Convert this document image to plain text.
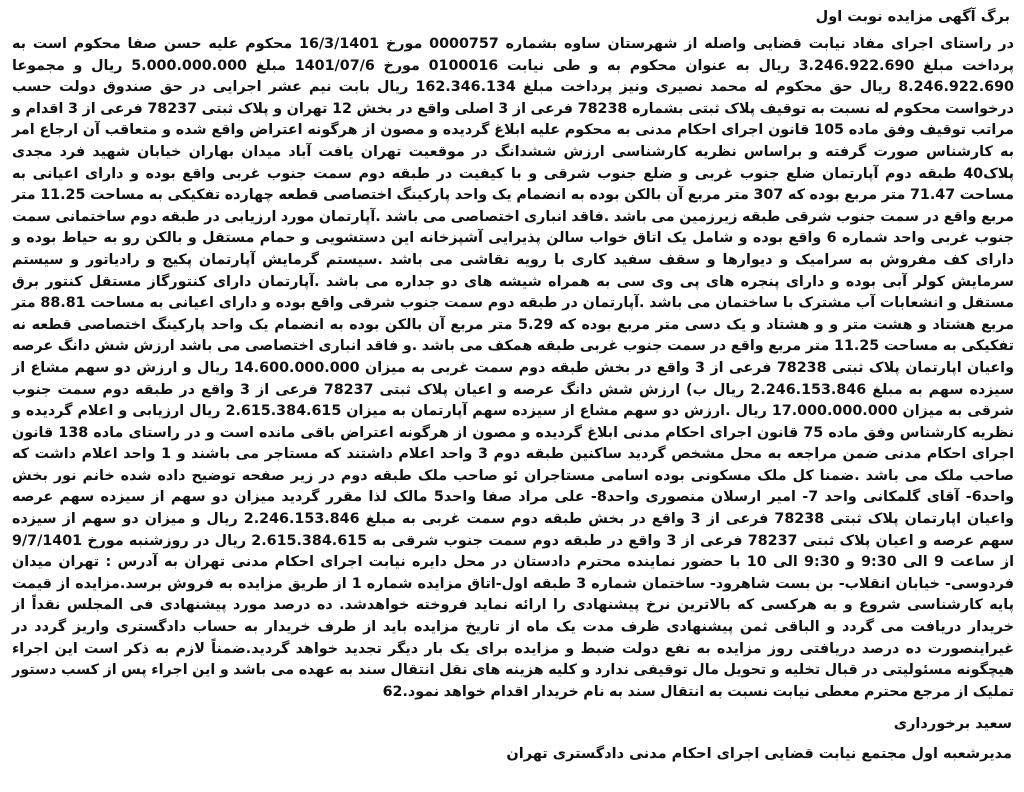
برگ آگهی مزایده نوبت اول

در راستای اجرای مفاد نیابت قضایی واصله از شهرستان ساوه بشماره 0000757 مورخ 16/3/1401 محکوم علیه حسن صفا محکوم است به پرداخت مبلغ 3.246.922.690 ریال به عنوان محکوم به و طی نیابت 0100016 مورخ 1401/07/6 مبلغ 5.000.000.000 ریال و مجموعا 8.246.922.690 ریال حق محکوم له محمد نصیری ونیز پرداخت مبلغ 162.346.134 ریال بابت نیم عشر اجرایی در حق صندوق دولت حسب درخواست محکوم له نسبت به توقیف پلاک ثبتی بشماره 78238 فرعی از 3 اصلی واقع در بخش 12 تهران و پلاک ثبتی 78237 فرعی از 3 اقدام و مراتب توقیف وفق ماده 105 قانون اجرای احکام مدنی به محکوم علیه ابلاغ گردیده و مصون از هرگونه اعتراض واقع شده و متعاقب آن ارجاع امر به کارشناس صورت گرفته و براساس نظریه کارشناسی ارزش ششدانگ در موقعیت تهران یافت آباد میدان بهاران خیابان شهید فرد مجدی پلاک40 طبقه دوم آپارتمان ضلع جنوب غربی و ضلع جنوب شرقی و با کیفیت در طبقه دوم سمت جنوب غربی واقع بوده و دارای اعیانی به مساحت 71.47 متر مربع بوده که 307 متر مربع آن بالکن بوده به انضمام یک واحد پارکینگ اختصاصی قطعه چهارده تفکیکی به مساحت 11.25 متر مربع واقع در سمت جنوب شرقی طبقه زیرزمین می باشد .فاقد انباری اختصاصی می باشد .آپارتمان مورد ارزیابی در طبقه دوم ساختمانی سمت جنوب غربی واحد شماره 6 واقع بوده و شامل یک اتاق خواب سالن پذیرایی آشپزخانه این دستشویی و حمام مستقل و بالکن رو به حیاط بوده و دارای کف مفروش به سرامیک و دیوارها و سقف سفید کاری با رویه نقاشی می باشد .سیستم گرمایش آپارتمان پکیج و رادیاتور و سیستم سرمایش کولر آبی بوده و دارای پنجره های پی وی سی به همراه شیشه های دو جداره می باشد .آپارتمان دارای کنتورگاز مستقل کنتور برق مستقل و انشعابات آب مشترک با ساختمان می باشد .آپارتمان در طبقه دوم سمت جنوب شرقی واقع بوده و دارای اعیانی به مساحت 88.81 متر مربع هشتاد و هشت متر و و هشتاد و یک دسی متر مربع بوده که 5.29 متر مربع آن بالکن بوده به انضمام یک واحد پارکینگ اختصاصی قطعه نه تفکیکی به مساحت 11.25 متر مربع واقع در سمت جنوب غربی طبقه همکف می باشد .و فاقد انباری اختصاصی می باشد ارزش شش دانگ عرصه واعیان اپارتمان پلاک ثبتی 78238 فرعی از 3 واقع در بخش طبقه دوم سمت غربی به میزان 14.600.000.000 ریال و ارزش دو سهم مشاع از سیزده سهم به مبلغ 2.246.153.846 ریال ب) ارزش شش دانگ عرصه و اعیان پلاک ثبتی 78237 فرعی از 3 واقع در طبقه دوم سمت جنوب شرقی به میزان 17.000.000.000 ریال .ارزش دو سهم مشاع از سیزده سهم آپارتمان به میزان 2.615.384.615 ریال ارزیابی و اعلام گردیده و نظریه کارشناس وفق ماده 75 قانون اجرای احکام مدنی ابلاغ گردیده و مصون از هرگونه اعتراض باقی مانده است و در راستای ماده 138 قانون اجرای احکام مدنی ضمن مراجعه به محل مشخص گردید ساکنین طبقه دوم 3 واحد اعلام داشتند که مستاجر می باشند و 1 واحد اعلام داشت که صاحب ملک می باشد .ضمنا کل ملک مسکونی بوده اسامی مستاجران ئو صاحب ملک طبقه دوم در زیر صفحه توضیح داده شده خانم نور بخش واحد6- آقای گلمکانی واحد 7- امیر ارسلان منصوری واحد8- علی مراد صفا واحد5 مالک لذا مقرر گردید میزان دو سهم از سیزده سهم عرصه واعیان اپارتمان پلاک ثبتی 78238 فرعی از 3 واقع در بخش طبقه دوم سمت غربی به مبلغ 2.246.153.846 ریال و میزان دو سهم از سیزده سهم عرصه و اعیان پلاک ثبتی 78237 فرعی از 3 واقع در طبقه دوم سمت جنوب شرقی به 2.615.384.615 ریال در روزشنبه مورخ 9/7/1401 از ساعت 9 الی 9:30 و 9:30 الی 10 با حضور نماینده محترم دادستان در محل دایره نیابت اجرای احکام مدنی تهران به آدرس : تهران میدان فردوسی- خیابان انقلاب- بن بست شاهرود- ساختمان شماره 3 طبقه اول-اتاق مزایده شماره 1 از طریق مزایده به فروش برسد.مزایده از قیمت پایه کارشناسی شروع و به هرکسی که بالاترین نرخ پیشنهادی را ارائه نماید فروخته خواهدشد. ده درصد مورد پیشنهادی فی المجلس نقداً از خریدار دریافت می گردد و الباقی ثمن پیشنهادی ظرف مدت یک ماه از تاریخ مزایده باید از طرف خریدار به حساب دادگستری واریز گردد در غیراینصورت ده درصد دریافتی روز مزایده به نفع دولت ضبط و مزایده برای یک بار دیگر تجدید خواهد گردید.ضمناً لازم به ذکر است این اجراء هیچگونه مسئولیتی در قبال تخلیه و تحویل مال توقیفی ندارد و کلیه هزینه های نقل انتقال سند به عهده می باشد و این اجراء پس از کسب دستور تملیک از مرجع محترم معطی نیابت نسبت به انتقال سند به نام خریدار اقدام خواهد نمود.62

سعید برخورداری
مدیرشعبه اول مجتمع نیابت قضایی اجرای احکام مدنی دادگستری تهران
